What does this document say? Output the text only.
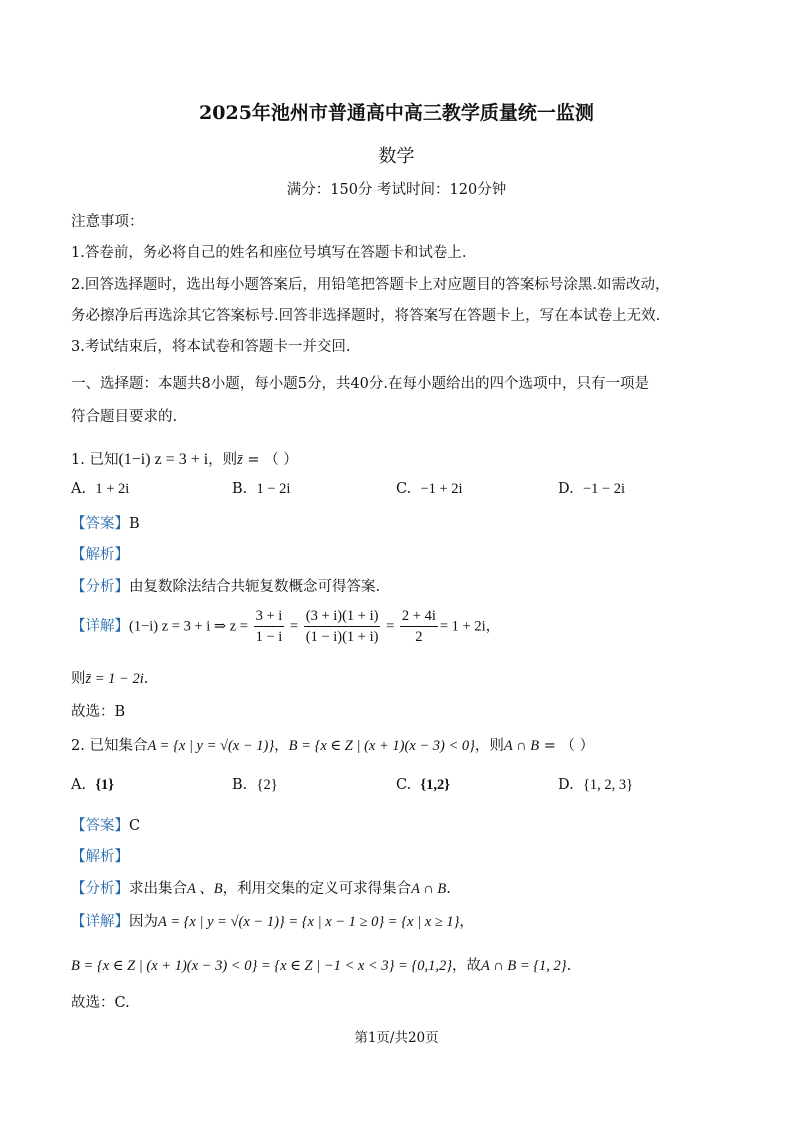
2025年池州市普通高中高三教学质量统一监测
数学
满分：150分 考试时间：120分钟
注意事项：
1.答卷前，务必将自己的姓名和座位号填写在答题卡和试卷上.
2.回答选择题时，选出每小题答案后，用铅笔把答题卡上对应题目的答案标号涂黑.如需改动，
务必擦净后再选涂其它答案标号.回答非选择题时，将答案写在答题卡上，写在本试卷上无效.
3.考试结束后，将本试卷和答题卡一并交回.
一、选择题：本题共8小题，每小题5分，共40分.在每小题给出的四个选项中，只有一项是
符合题目要求的.
1. 已知(1−i) z = 3 + i，则z̄ = （ ）
A. 1 + 2i	B. 1 − 2i	C. −1 + 2i	D. −1 − 2i
【答案】B
【解析】
【分析】由复数除法结合共轭复数概念可得答案.
【详解】(1−i) z = 3 + i ⇒ $z = \frac{3 + i}{1 - i} = \frac{(3 + i)(1 + i)}{(1 - i)(1 + i)} = \frac{2 + 4i}{2} = 1 + 2i$，
则z̄ = 1 − 2i.
故选：B
2. 已知集合A = {x | y = √(x − 1)}，B = {x ∈ Z | (x + 1)(x − 3) < 0}，则A ∩ B = （ ）
A. {1}	B. {2}	C. {1,2}	D. {1, 2, 3}
【答案】C
【解析】
【分析】求出集合A 、B，利用交集的定义可求得集合A ∩ B.
【详解】因为A = {x | y = √(x − 1)} = {x | x − 1 ≥ 0} = {x | x ≥ 1}，
B = {x ∈ Z | (x + 1)(x − 3) < 0} = {x ∈ Z | −1 < x < 3} = {0,1,2}，故A ∩ B = {1, 2}.
故选：C.
第1页/共20页
